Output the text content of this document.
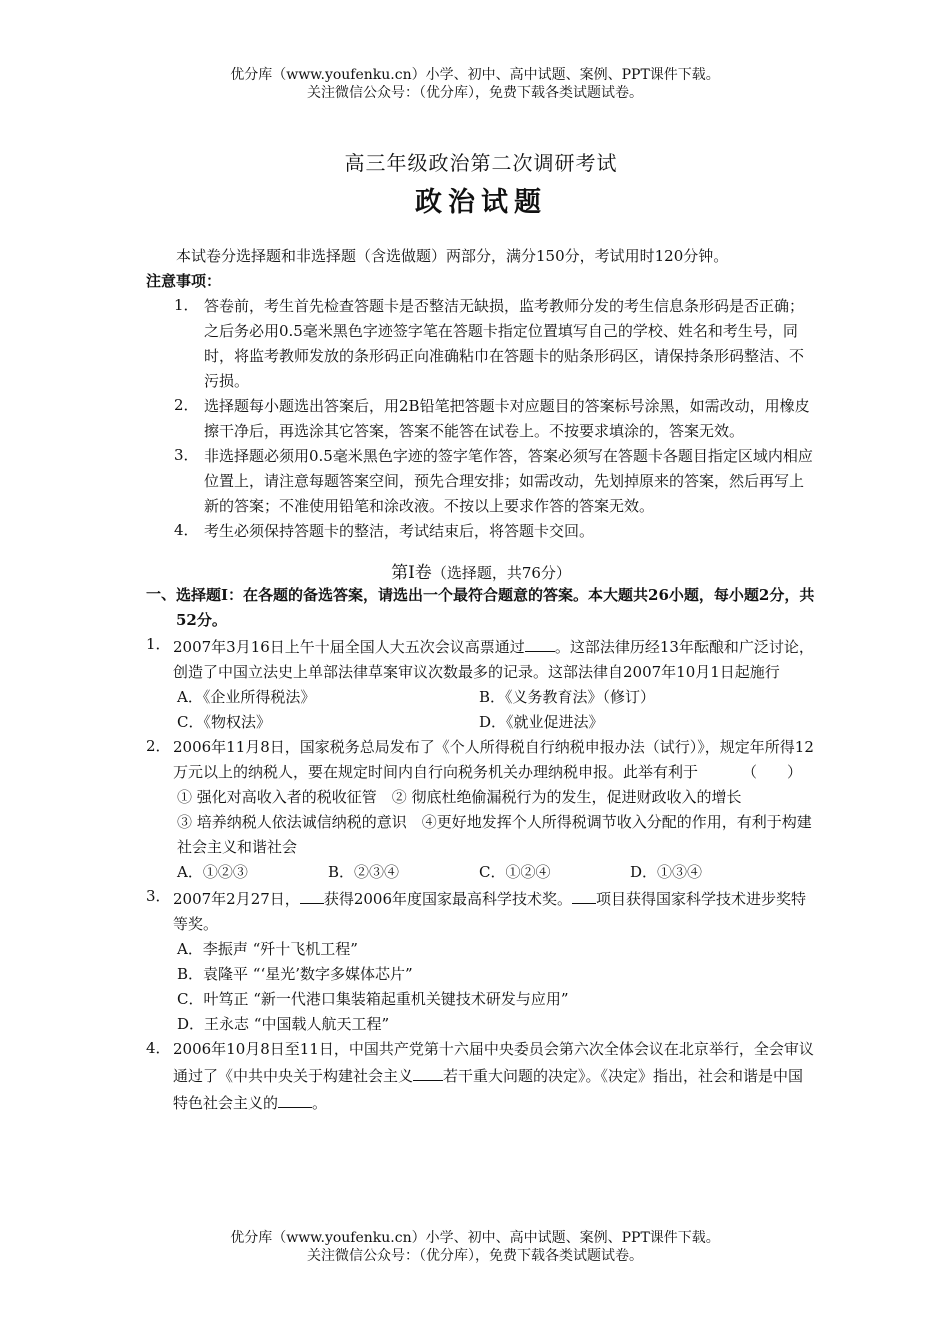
优分库（www.youfenku.cn）小学、初中、高中试题、案例、PPT课件下载。
关注微信公众号：（优分库），免费下载各类试题试卷。
高三年级政治第二次调研考试
政治试题

本试卷分选择题和非选择题（含选做题）两部分，满分150分，考试用时120分钟。

注意事项：

1． 答卷前，考生首先检查答题卡是否整洁无缺损，监考教师分发的考生信息条形码是否正确；之后务必用0.5毫米黑色字迹签字笔在答题卡指定位置填写自己的学校、姓名和考生号，同时，将监考教师发放的条形码正向准确粘巾在答题卡的贴条形码区，请保持条形码整洁、不污损。
2． 选择题每小题选出答案后，用2B铅笔把答题卡对应题目的答案标号涂黑，如需改动，用橡皮擦干净后，再选涂其它答案，答案不能答在试卷上。不按要求填涂的，答案无效。
3． 非选择题必须用0.5毫米黑色字迹的签字笔作答，答案必须写在答题卡各题目指定区域内相应位置上，请注意每题答案空间，预先合理安排；如需改动，先划掉原来的答案，然后再写上新的答案；不准使用铅笔和涂改液。不按以上要求作答的答案无效。
4． 考生必须保持答题卡的整洁，考试结束后，将答题卡交回。
第Ⅰ卷（选择题，共76分）
一、 选择题Ⅰ：在各题的备选答案，请选出一个最符合题意的答案。本大题共26小题，每小题2分，共52分。
1． 2007年3月16日上午十届全国人大五次会议高票通过 。这部法律历经13年酝酿和广泛讨论，创造了中国立法史上单部法律草案审议次数最多的记录。这部法律自2007年10月1日起施行
A．《企业所得税法》	B．《义务教育法》（修订）
C．《物权法》	D．《就业促进法》
2． 2006年11月8日，国家税务总局发布了《个人所得税自行纳税申报办法（试行）》，规定年所得12万元以上的纳税人，要在规定时间内自行向税务机关办理纳税申报。此举有利于	（　　）
① 强化对高收入者的税收征管　② 彻底杜绝偷漏税行为的发生，促进财政收入的增长
③ 培养纳税人依法诚信纳税的意识　④更好地发挥个人所得税调节收入分配的作用，有利于构建社会主义和谐社会
A．①②③	B．②③④	C．①②④	D．①③④
3． 2007年2月27日， 获得2006年度国家最高科学技术奖。 项目获得国家科学技术进步奖特等奖。
A．李振声 “歼十飞机工程”
B．袁隆平 “‘星光’数字多媒体芯片”
C．叶笃正 “新一代港口集装箱起重机关键技术研发与应用”
D．王永志 “中国载人航天工程”
4． 2006年10月8日至11日，中国共产党第十六届中央委员会第六次全体会议在北京举行，全会审议通过了《中共中央关于构建社会主义 若干重大问题的决定》。《决定》指出，社会和谐是中国特色社会主义的 。
优分库（www.youfenku.cn）小学、初中、高中试题、案例、PPT课件下载。
关注微信公众号：（优分库），免费下载各类试题试卷。
